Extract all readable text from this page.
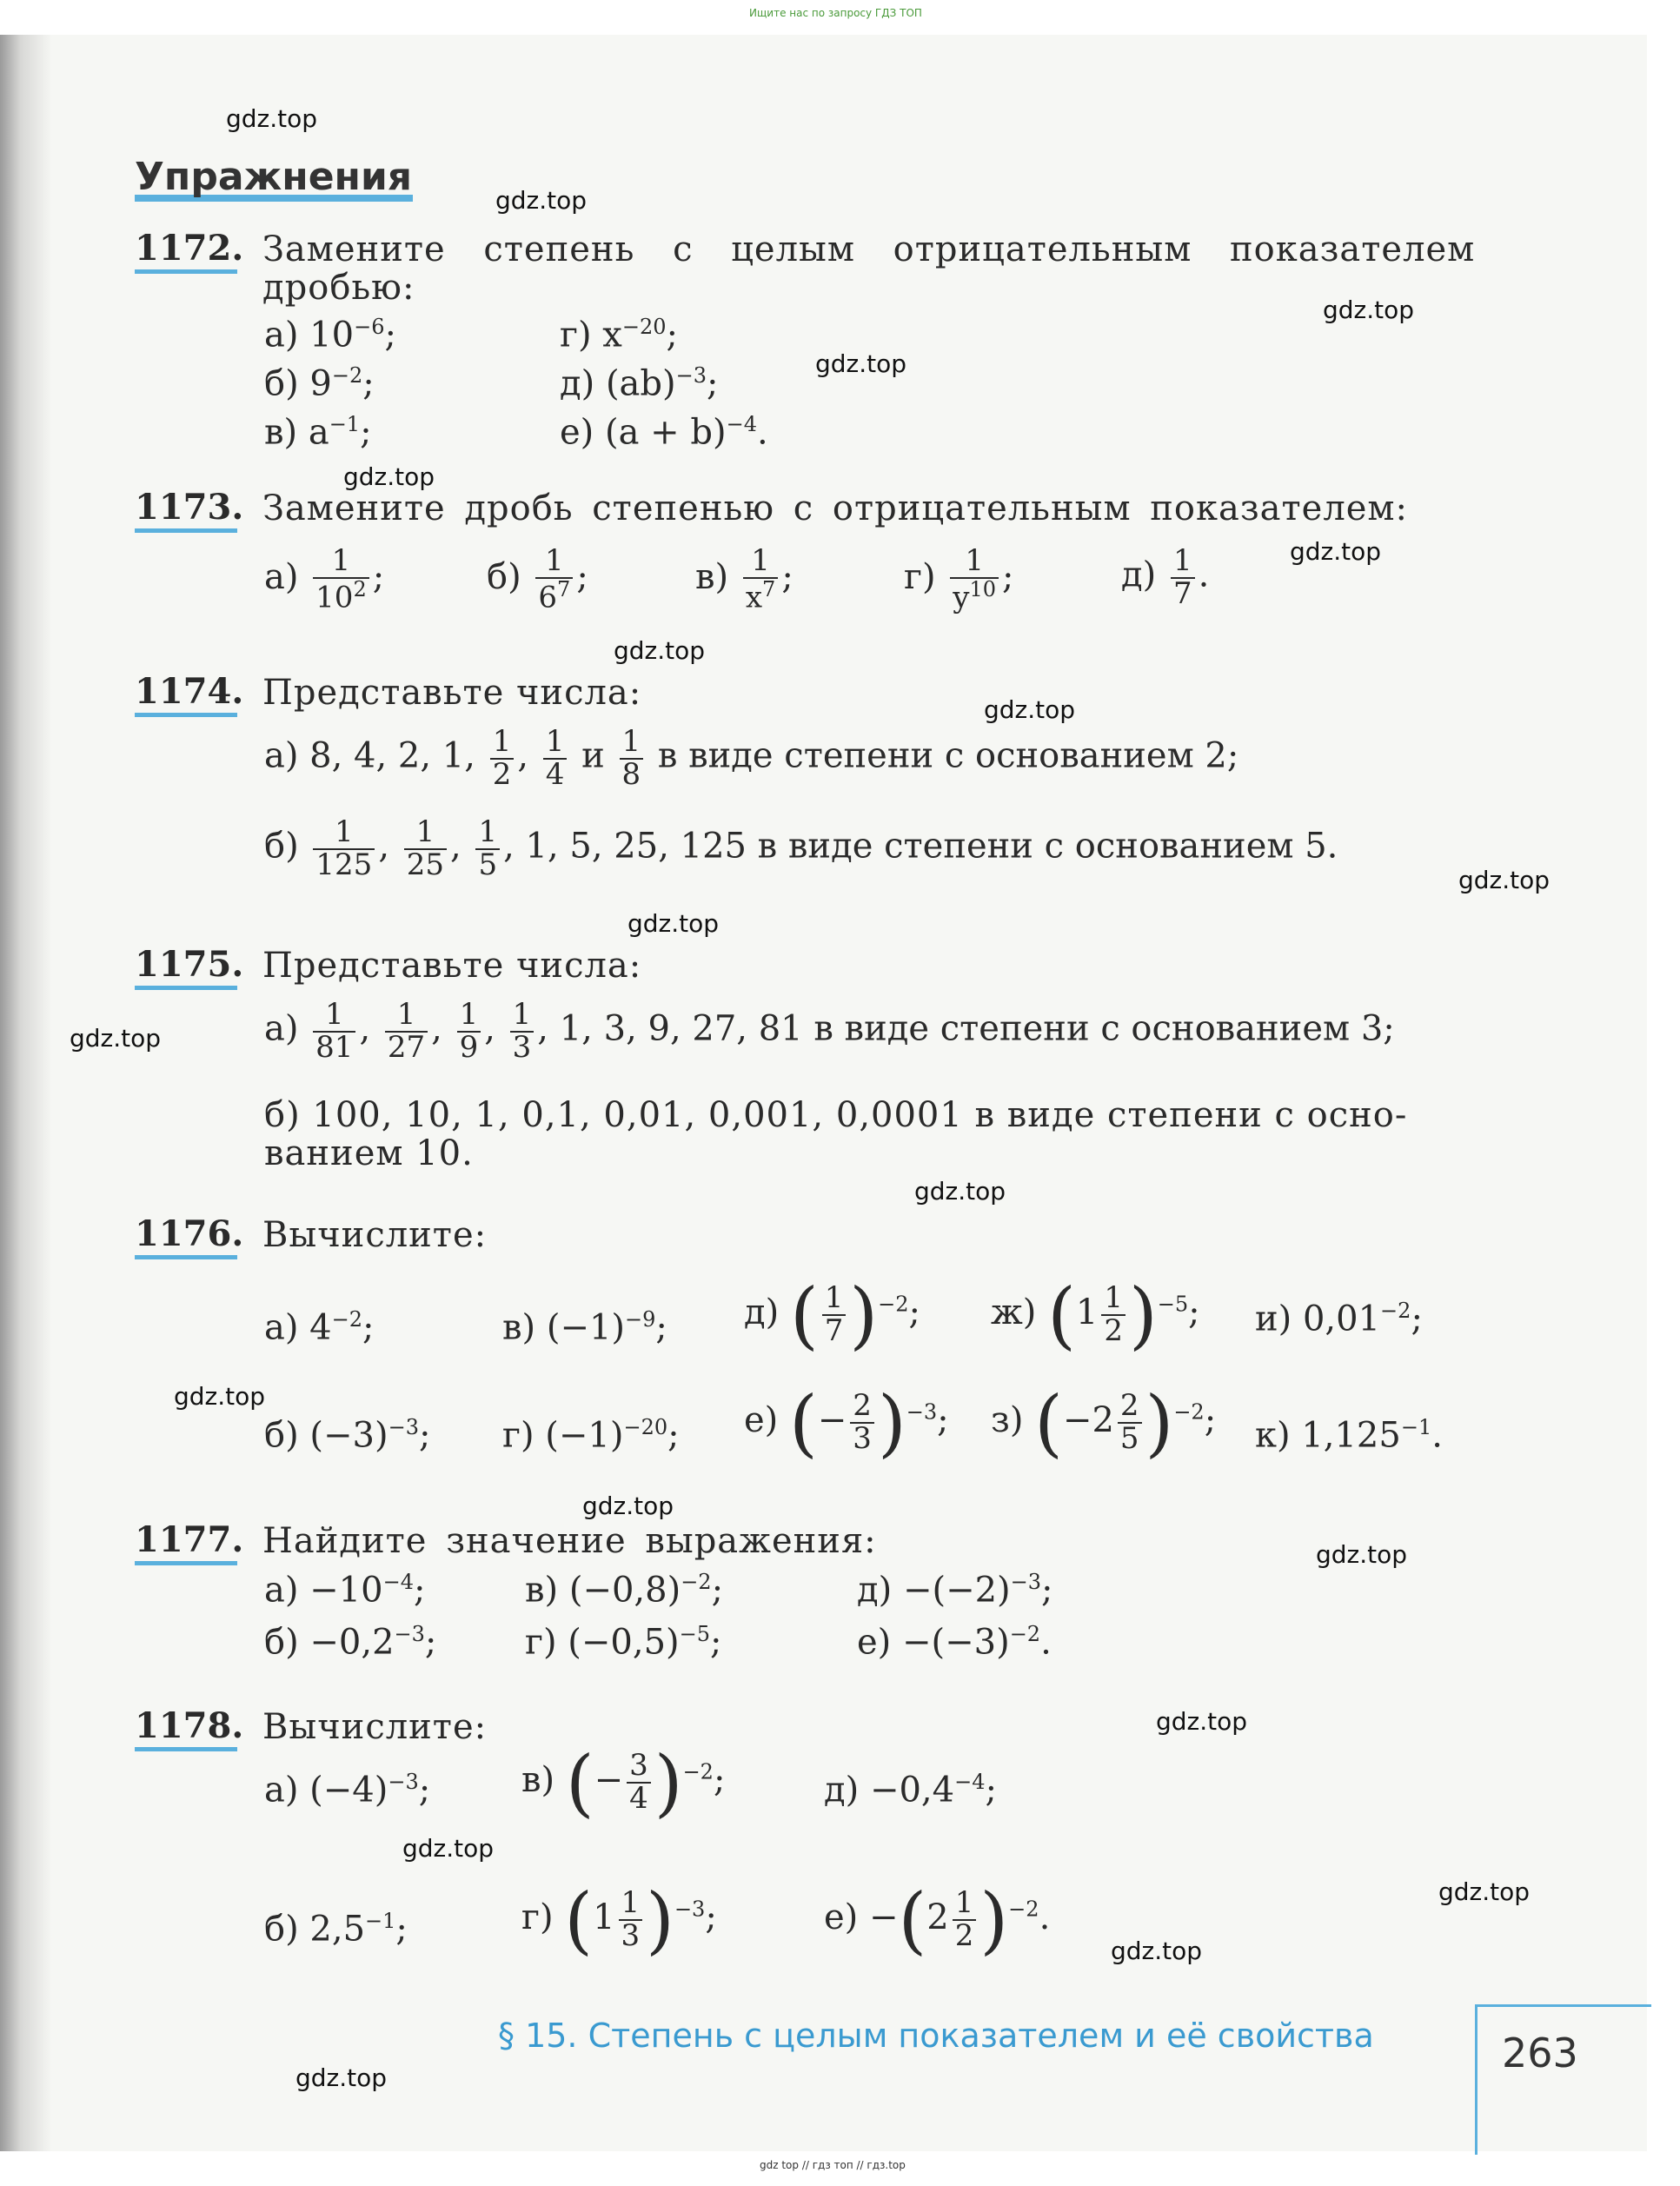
Ищите нас по запросу ГДЗ ТОП
gdz.top
gdz.top
gdz.top
gdz.top
gdz.top
gdz.top
gdz.top
gdz.top
gdz.top
gdz.top
gdz.top
gdz.top
gdz.top
gdz.top
gdz.top
gdz.top
gdz.top
gdz.top
gdz.top
gdz.top
Упражнения
1172. Замените степень с целым отрицательным показателем
дробью:
а) $10^{-6}$;
б) $9^{-2}$;
в) $a^{-1}$;
г) $x^{-20}$;
д) (ab)$^{-3}$;
е) $(a + b)^{-4}$.
1173. Замените дробь степенью с отрицательным показателем:
$а) \frac{1}{10^2}$ ;	$б) \frac{1}{6^7}$ ;	$в) \frac{1}{x^7}$ ;	$г) \frac{1}{y^{10}}$ ;	$д) \frac{1}{7}$ .
1174. Представьте числа:
а) 8, 4, 2, 1, $\frac{1}{2}$ , $\frac{1}{4}$ и $\frac{1}{8}$ в виде степени с основанием 2;
$б) \frac{1}{125}$ , $\frac{1}{25}$ , $\frac{1}{5}$ , 1, 5, 25, 125 в виде степени с основанием 5.
1175. Представьте числа:
$а) \frac{1}{81}$ , $\frac{1}{27}$ , $\frac{1}{9}$ , $\frac{1}{3}$ , 1, 3, 9, 27, 81 в виде степени с основанием 3;
б) 100, 10, 1, 0,1, 0,01, 0,001, 0,0001 в виде степени с осно-
ванием 10.
1176. Вычислите:
а) $4^{-2}$;
б) $(-3)^{-3}$;
в) $(-1)^{-9}$;
г) $(-1)^{-20}$;
д) ( $\frac{1}{7} )^{-2}$;
е) (− $\frac{2}{3} )^{-3}$;
ж) $(1 \frac{1}{2} )^{-5}$;
з) $(-2 \frac{2}{5} )^{-2}$;
и) $0,01^{-2}$;
к) $1,125^{-1}$.
1177. Найдите значение выражения:
$а) -10^{-4}$;
$б) -0,2^{-3}$;
в) $(-0,8)^{-2}$;
г) $(-0,5)^{-5}$;
$д) -(-2)^{-3}$;
$е) -(-3)^{-2}$.
1178. Вычислите:
а) $(-4)^{-3}$;
б) $2,5^{-1}$;
в) (− $\frac{3}{4} )^{-2}$;
г) $(1 \frac{1}{3} )^{-3}$;
$д) -0,4^{-4}$;
$е) -(2 \frac{1}{2} )^{-2}$.
§ 15. Степень с целым показателем и её свойства	263
gdz top // гдз топ // гдз.top
